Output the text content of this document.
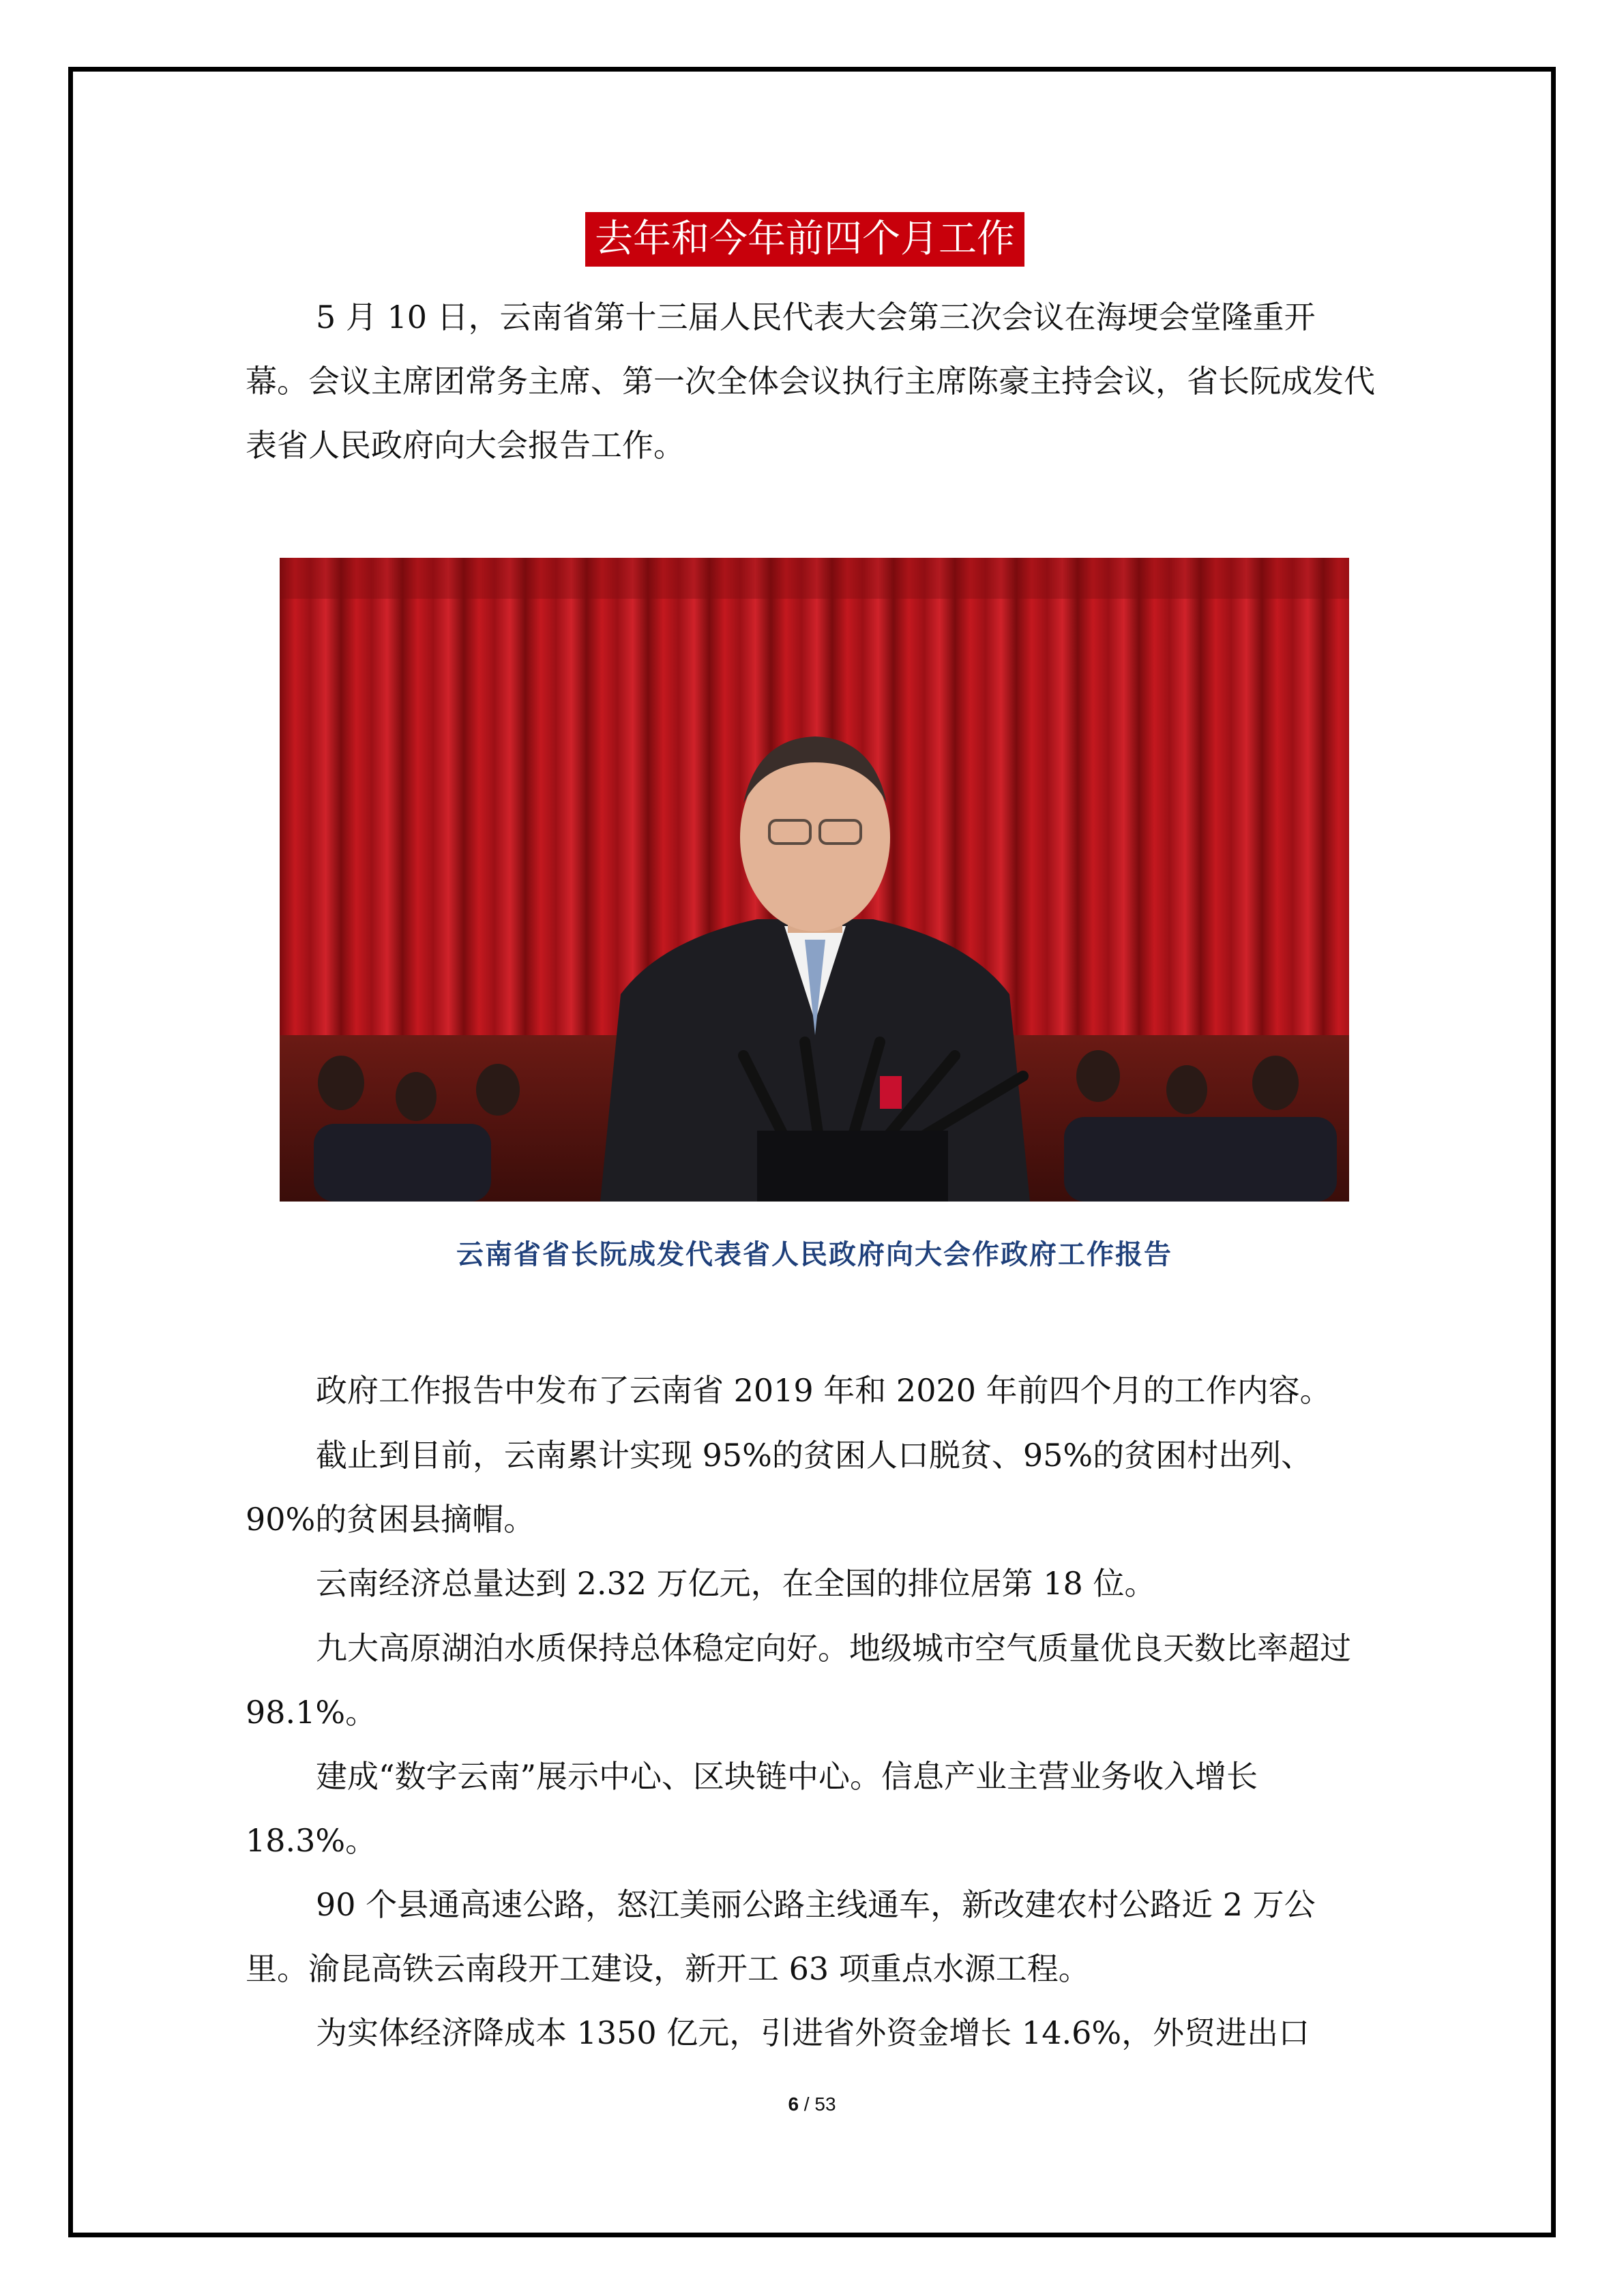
去年和今年前四个月工作

5 月 10 日，云南省第十三届人民代表大会第三次会议在海埂会堂隆重开幕。会议主席团常务主席、第一次全体会议执行主席陈豪主持会议，省长阮成发代表省人民政府向大会报告工作。

云南省省长阮成发代表省人民政府向大会作政府工作报告

政府工作报告中发布了云南省 2019 年和 2020 年前四个月的工作内容。

截止到目前，云南累计实现 95%的贫困人口脱贫、95%的贫困村出列、90%的贫困县摘帽。

云南经济总量达到 2.32 万亿元，在全国的排位居第 18 位。

九大高原湖泊水质保持总体稳定向好。地级城市空气质量优良天数比率超过 98.1%。

建成“数字云南”展示中心、区块链中心。信息产业主营业务收入增长 18.3%。

90 个县通高速公路，怒江美丽公路主线通车，新改建农村公路近 2 万公里。渝昆高铁云南段开工建设，新开工 63 项重点水源工程。

为实体经济降成本 1350 亿元，引进省外资金增长 14.6%，外贸进出口

6 / 53
